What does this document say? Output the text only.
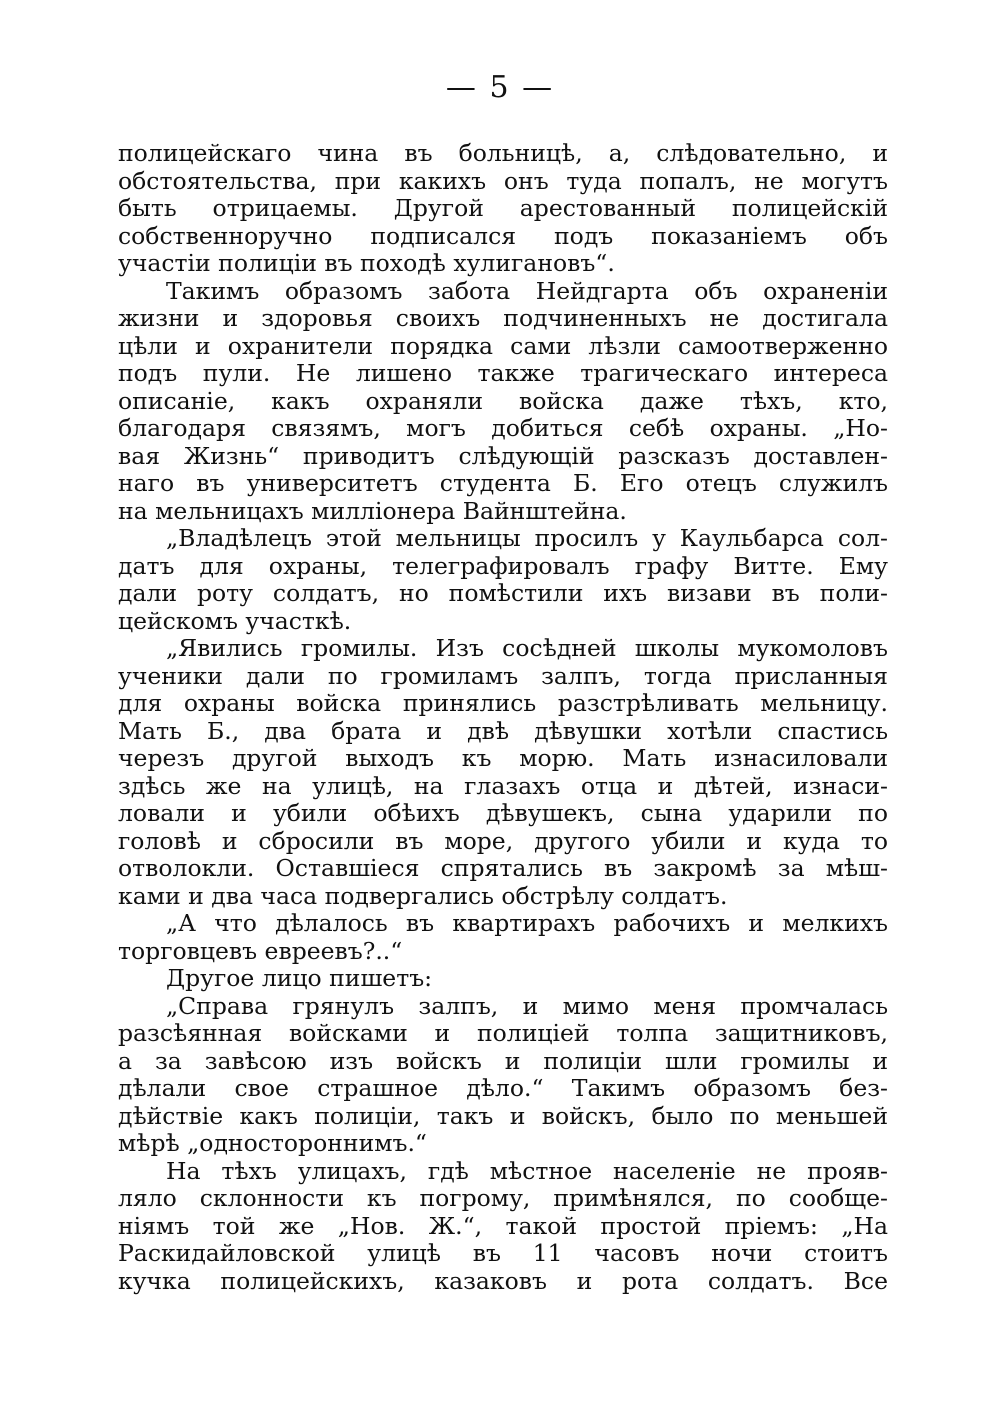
— 5 —
полицейскаго чина въ больницѣ, а, слѣдовательно, и
обстоятельства, при какихъ онъ туда попалъ, не могутъ
быть отрицаемы. Другой арестованный полицейскій
собственноручно подписался подъ показаніемъ объ
участіи полиціи въ походѣ хулигановъ“.
Такимъ образомъ забота Нейдгарта объ охраненіи
жизни и здоровья своихъ подчиненныхъ не достигала
цѣли и охранители порядка сами лѣзли самоотверженно
подъ пули. Не лишено также трагическаго интереса
описаніе, какъ охраняли войска даже тѣхъ, кто,
благодаря связямъ, могъ добиться себѣ охраны. „Но-
вая Жизнь“ приводитъ слѣдующій разсказъ доставлен-
наго въ университетъ студента Б. Его отецъ служилъ
на мельницахъ милліонера Вайнштейна.
„Владѣлецъ этой мельницы просилъ у Каульбарса сол-
датъ для охраны, телеграфировалъ графу Витте. Ему
дали роту солдатъ, но помѣстили ихъ визави въ поли-
цейскомъ участкѣ.
„Явились громилы. Изъ сосѣдней школы мукомоловъ
ученики дали по громиламъ залпъ, тогда присланныя
для охраны войска принялись разстрѣливать мельницу.
Мать Б., два брата и двѣ дѣвушки хотѣли спастись
черезъ другой выходъ къ морю. Мать изнасиловали
здѣсь же на улицѣ, на глазахъ отца и дѣтей, изнаси-
ловали и убили обѣихъ дѣвушекъ, сына ударили по
головѣ и сбросили въ море, другого убили и куда то
отволокли. Оставшіеся спрятались въ закромѣ за мѣш-
ками и два часа подвергались обстрѣлу солдатъ.
„А что дѣлалось въ квартирахъ рабочихъ и мелкихъ
торговцевъ евреевъ?..“
Другое лицо пишетъ:
„Справа грянулъ залпъ, и мимо меня промчалась
разсѣянная войсками и полиціей толпа защитниковъ,
а за завѣсою изъ войскъ и полиціи шли громилы и
дѣлали свое страшное дѣло.“ Такимъ образомъ без-
дѣйствіе какъ полиціи, такъ и войскъ, было по меньшей
мѣрѣ „одностороннимъ.“
На тѣхъ улицахъ, гдѣ мѣстное населеніе не прояв-
ляло склонности къ погрому, примѣнялся, по сообще-
ніямъ той же „Нов. Ж.“, такой простой пріемъ: „На
Раскидайловской улицѣ въ 11 часовъ ночи стоитъ
кучка полицейскихъ, казаковъ и рота солдатъ. Все
